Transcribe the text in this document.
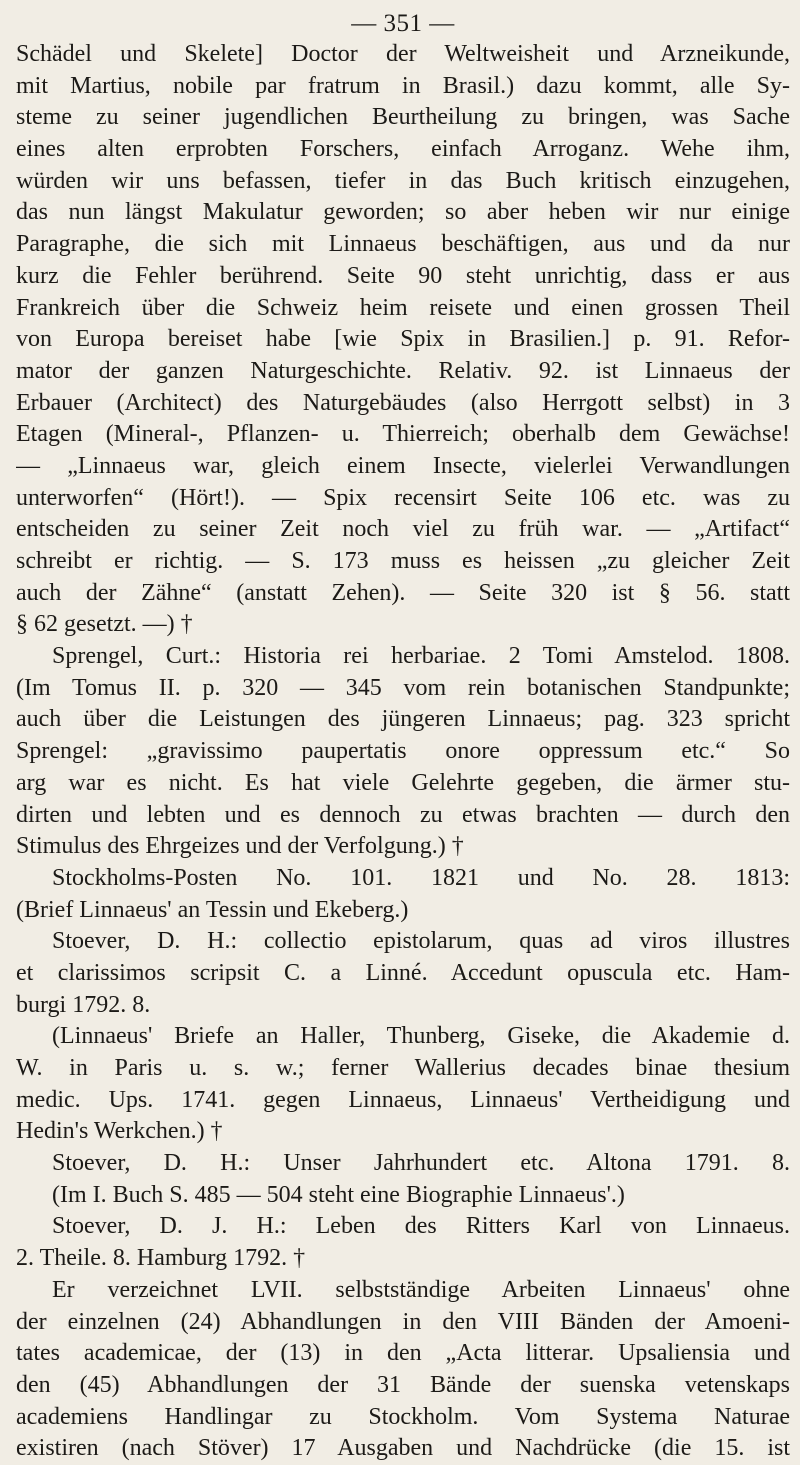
— 351 —
Schädel und Skelete] Doctor der Weltweisheit und Arzneikunde,
mit Martius, nobile par fratrum in Brasil.) dazu kommt, alle Sy-
steme zu seiner jugendlichen Beurtheilung zu bringen, was Sache
eines alten erprobten Forschers, einfach Arroganz. Wehe ihm,
würden wir uns befassen, tiefer in das Buch kritisch einzugehen,
das nun längst Makulatur geworden; so aber heben wir nur einige
Paragraphe, die sich mit Linnaeus beschäftigen, aus und da nur
kurz die Fehler berührend. Seite 90 steht unrichtig, dass er aus
Frankreich über die Schweiz heim reisete und einen grossen Theil
von Europa bereiset habe [wie Spix in Brasilien.] p. 91. Refor-
mator der ganzen Naturgeschichte. Relativ. 92. ist Linnaeus der
Erbauer (Architect) des Naturgebäudes (also Herrgott selbst) in 3
Etagen (Mineral-, Pflanzen- u. Thierreich; oberhalb dem Gewächse!
— „Linnaeus war, gleich einem Insecte, vielerlei Verwandlungen
unterworfen“ (Hört!). — Spix recensirt Seite 106 etc. was zu
entscheiden zu seiner Zeit noch viel zu früh war. — „Artifact“
schreibt er richtig. — S. 173 muss es heissen „zu gleicher Zeit
auch der Zähne“ (anstatt Zehen). — Seite 320 ist § 56. statt
§ 62 gesetzt. —) †
Sprengel, Curt.: Historia rei herbariae. 2 Tomi Amstelod. 1808.
(Im Tomus II. p. 320 — 345 vom rein botanischen Standpunkte;
auch über die Leistungen des jüngeren Linnaeus; pag. 323 spricht
Sprengel: „gravissimo paupertatis onore oppressum etc.“ So
arg war es nicht. Es hat viele Gelehrte gegeben, die ärmer stu-
dirten und lebten und es dennoch zu etwas brachten — durch den
Stimulus des Ehrgeizes und der Verfolgung.) †
Stockholms-Posten No. 101. 1821 und No. 28. 1813:
(Brief Linnaeus' an Tessin und Ekeberg.)
Stoever, D. H.: collectio epistolarum, quas ad viros illustres
et clarissimos scripsit C. a Linné. Accedunt opuscula etc. Ham-
burgi 1792. 8.
(Linnaeus' Briefe an Haller, Thunberg, Giseke, die Akademie d.
W. in Paris u. s. w.; ferner Wallerius decades binae thesium
medic. Ups. 1741. gegen Linnaeus, Linnaeus' Vertheidigung und
Hedin's Werkchen.) †
Stoever, D. H.: Unser Jahrhundert etc. Altona 1791. 8.
(Im I. Buch S. 485 — 504 steht eine Biographie Linnaeus'.)
Stoever, D. J. H.: Leben des Ritters Karl von Linnaeus.
2. Theile. 8. Hamburg 1792. †
Er verzeichnet LVII. selbstständige Arbeiten Linnaeus' ohne
der einzelnen (24) Abhandlungen in den VIII Bänden der Amoeni-
tates academicae, der (13) in den „Acta litterar. Upsaliensia und
den (45) Abhandlungen der 31 Bände der suenska vetenskaps
academiens Handlingar zu Stockholm. Vom Systema Naturae
existiren (nach Stöver) 17 Ausgaben und Nachdrücke (die 15. ist
